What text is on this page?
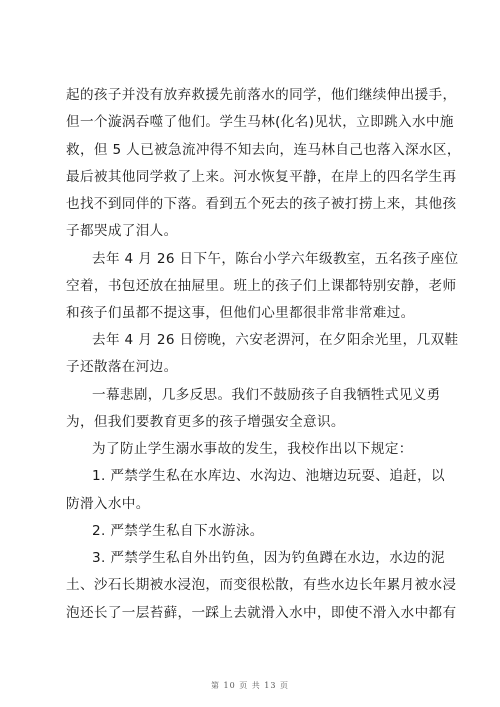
起的孩子并没有放弃救援先前落水的同学，他们继续伸出援手，
但一个漩涡吞噬了他们。学生马林(化名)见状，立即跳入水中施
救，但 5 人已被急流冲得不知去向，连马林自己也落入深水区，
最后被其他同学救了上来。河水恢复平静，在岸上的四名学生再
也找不到同伴的下落。看到五个死去的孩子被打捞上来，其他孩
子都哭成了泪人。
去年 4 月 26 日下午，陈台小学六年级教室，五名孩子座位
空着，书包还放在抽屉里。班上的孩子们上课都特别安静，老师
和孩子们虽都不提这事，但他们心里都很非常非常难过。
去年 4 月 26 日傍晚，六安老淠河，在夕阳余光里，几双鞋
子还散落在河边。
一幕悲剧，几多反思。我们不鼓励孩子自我牺牲式见义勇
为，但我们要教育更多的孩子增强安全意识。
为了防止学生溺水事故的发生，我校作出以下规定：
1. 严禁学生私在水库边、水沟边、池塘边玩耍、追赶，以
防滑入水中。
2. 严禁学生私自下水游泳。
3. 严禁学生私自外出钓鱼，因为钓鱼蹲在水边，水边的泥
土、沙石长期被水浸泡，而变很松散，有些水边长年累月被水浸
泡还长了一层苔藓，一踩上去就滑入水中，即使不滑入水中都有
第 10 页 共 13 页
